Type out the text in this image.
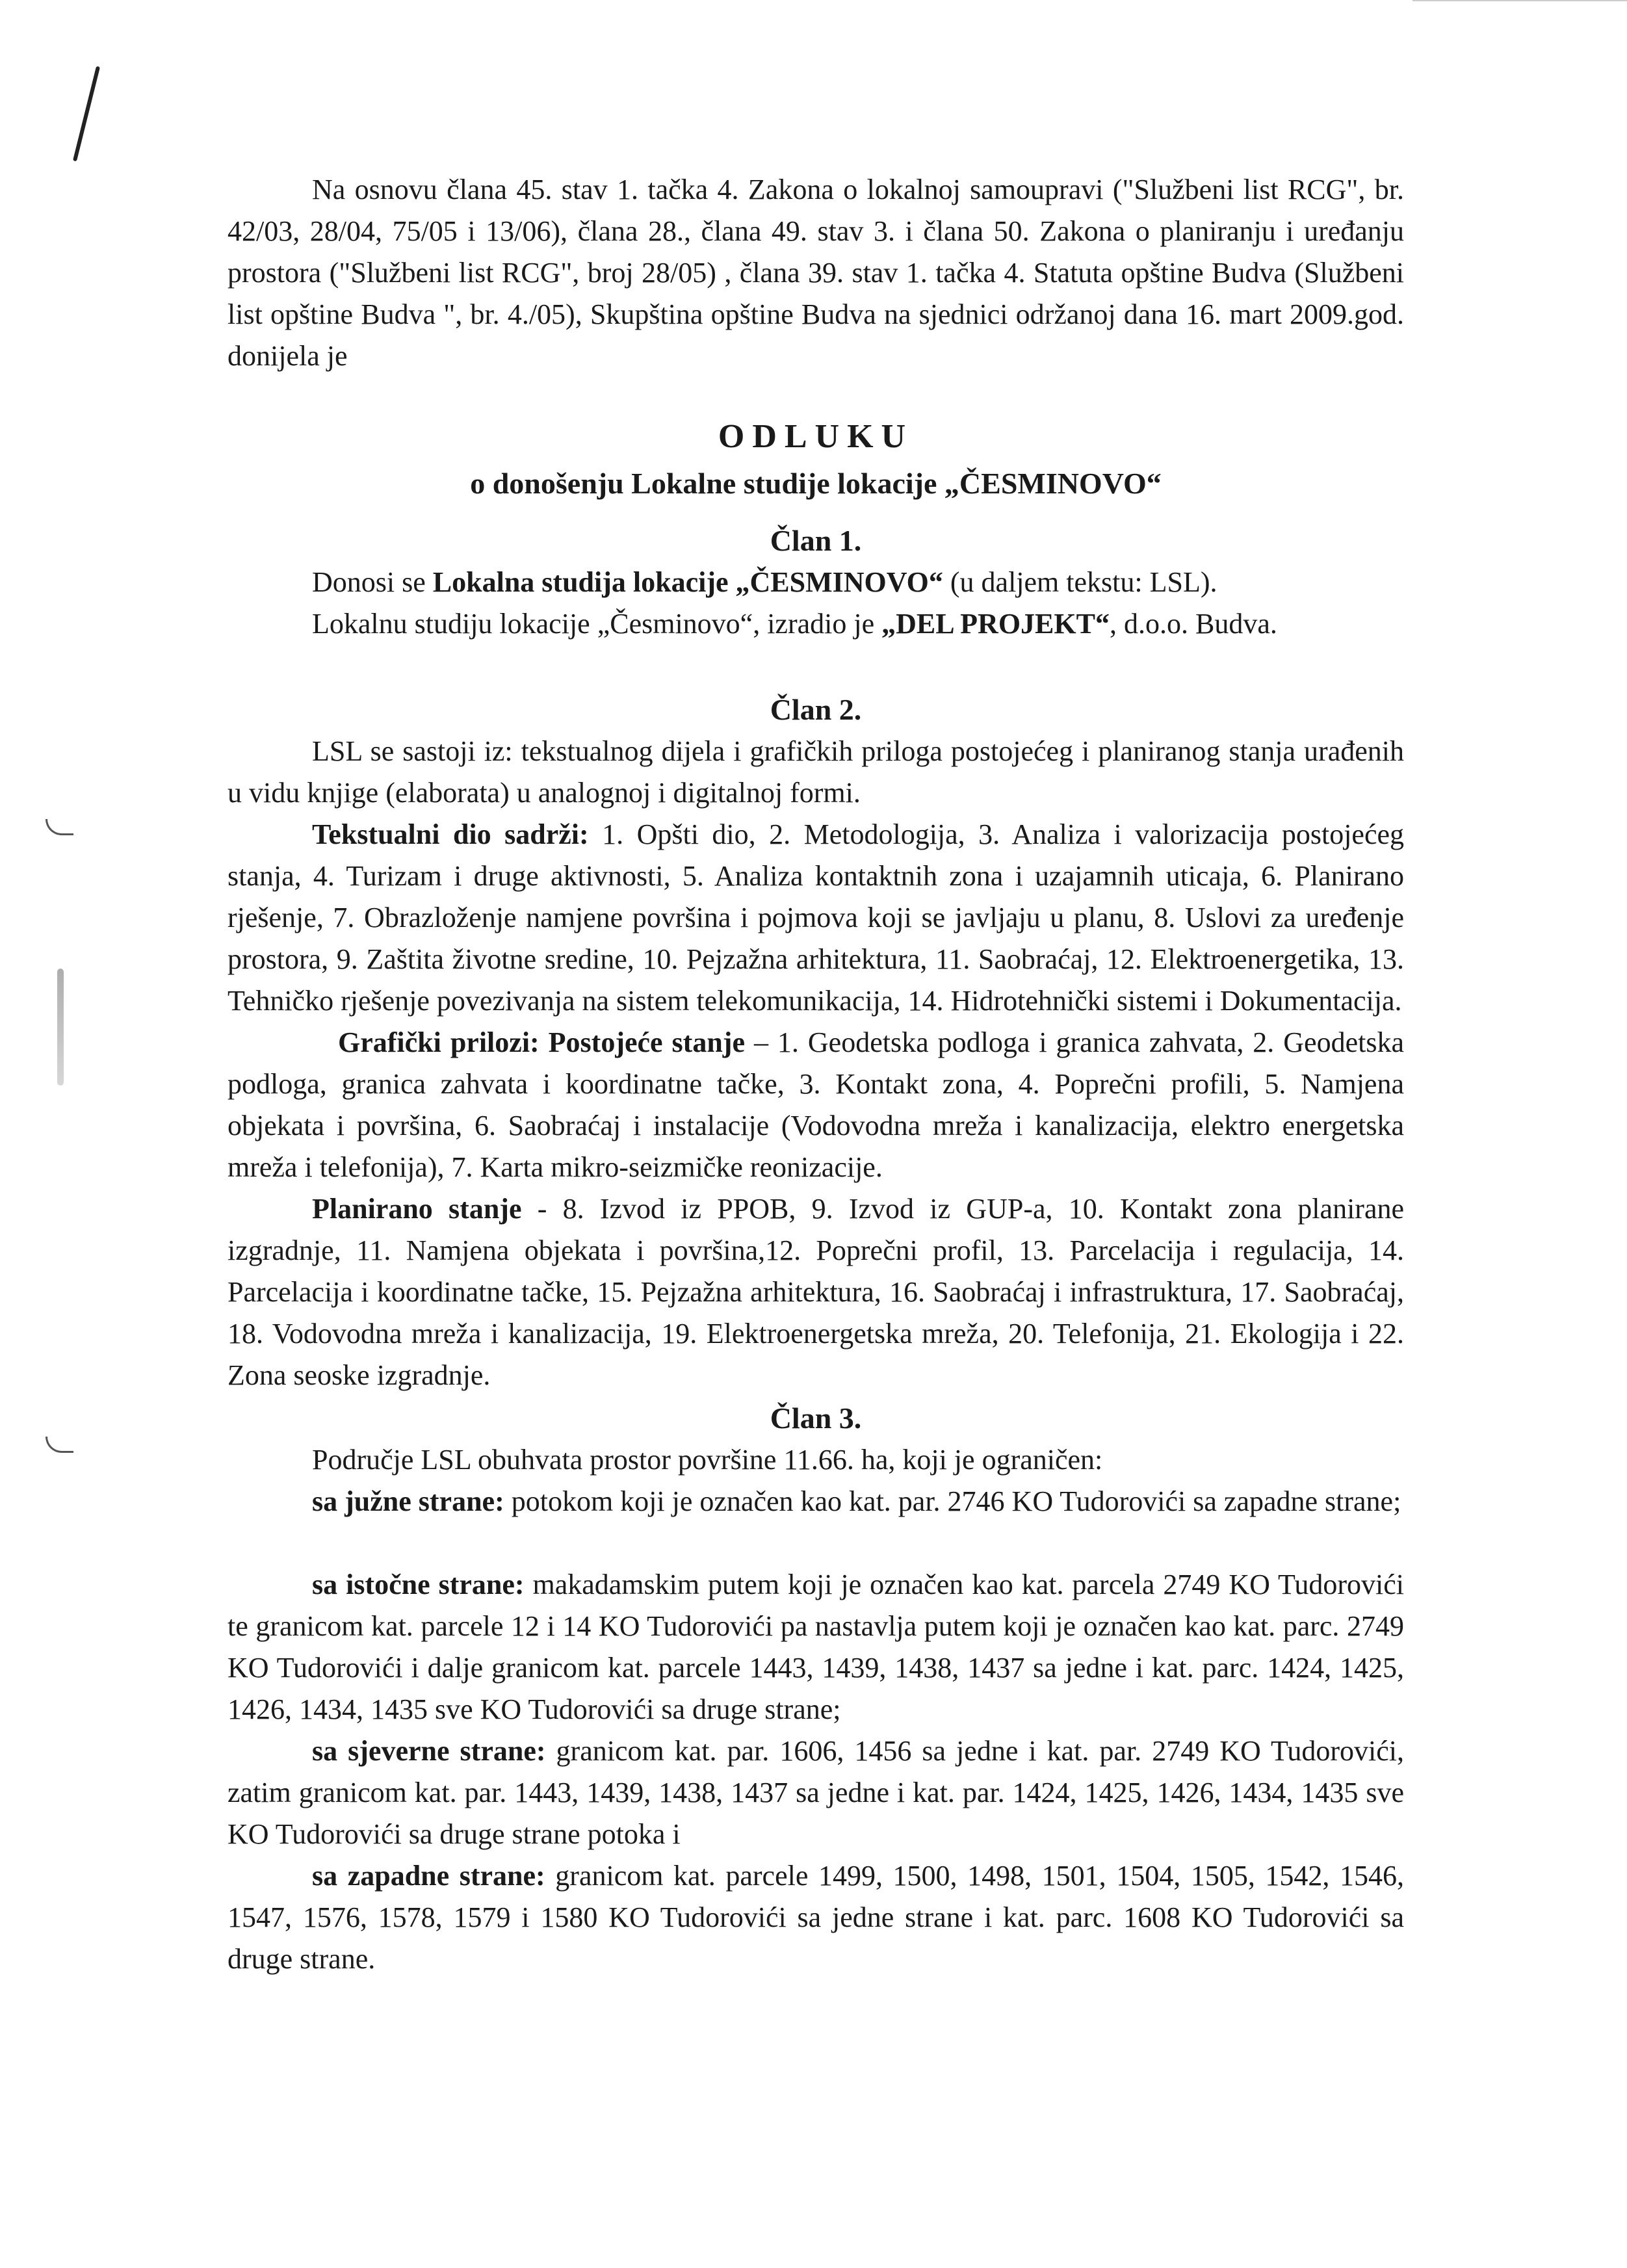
Na osnovu člana 45. stav 1. tačka 4. Zakona o lokalnoj samoupravi ("Službeni list RCG", br. 42/03, 28/04, 75/05 i 13/06), člana 28., člana 49. stav 3. i člana 50. Zakona o planiranju i uređanju prostora ("Službeni list RCG", broj 28/05) , člana 39. stav 1. tačka 4. Statuta opštine Budva (Službeni list opštine Budva ", br. 4./05), Skupština opštine Budva na sjednici održanoj dana 16. mart 2009.god. donijela je
ODLUKU
o donošenju Lokalne studije lokacije „ČESMINOVO“
Član 1.
Donosi se Lokalna studija lokacije „ČESMINOVO“ (u daljem tekstu: LSL).
Lokalnu studiju lokacije „Česminovo“, izradio je „DEL PROJEKT“, d.o.o. Budva.
Član 2.
LSL se sastoji iz: tekstualnog dijela i grafičkih priloga postojećeg i planiranog stanja urađenih u vidu knjige (elaborata) u analognoj i digitalnoj formi.
Tekstualni dio sadrži: 1. Opšti dio, 2. Metodologija, 3. Analiza i valorizacija postojećeg stanja, 4. Turizam i druge aktivnosti, 5. Analiza kontaktnih zona i uzajamnih uticaja, 6. Planirano rješenje, 7. Obrazloženje namjene površina i pojmova koji se javljaju u planu, 8. Uslovi za uređenje prostora, 9. Zaštita životne sredine, 10. Pejzažna arhitektura, 11. Saobraćaj, 12. Elektroenergetika, 13. Tehničko rješenje povezivanja na sistem telekomunikacija, 14. Hidrotehnički sistemi i Dokumentacija.
Grafički prilozi: Postojeće stanje – 1. Geodetska podloga i granica zahvata, 2. Geodetska podloga, granica zahvata i koordinatne tačke, 3. Kontakt zona, 4. Poprečni profili, 5. Namjena objekata i površina, 6. Saobraćaj i instalacije (Vodovodna mreža i kanalizacija, elektro energetska mreža i telefonija), 7. Karta mikro-seizmičke reonizacije.
Planirano stanje - 8. Izvod iz PPOB, 9. Izvod iz GUP-a, 10. Kontakt zona planirane izgradnje, 11. Namjena objekata i površina,12. Poprečni profil, 13. Parcelacija i regulacija, 14. Parcelacija i koordinatne tačke, 15. Pejzažna arhitektura, 16. Saobraćaj i infrastruktura, 17. Saobraćaj, 18. Vodovodna mreža i kanalizacija, 19. Elektroenergetska mreža, 20. Telefonija, 21. Ekologija i 22. Zona seoske izgradnje.
Član 3.
Područje LSL obuhvata prostor površine 11.66. ha, koji je ograničen:
sa južne strane: potokom koji je označen kao kat. par. 2746 KO Tudorovići sa zapadne strane;
sa istočne strane: makadamskim putem koji je označen kao kat. parcela 2749 KO Tudorovići te granicom kat. parcele 12 i 14 KO Tudorovići pa nastavlja putem koji je označen kao kat. parc. 2749 KO Tudorovići i dalje granicom kat. parcele 1443, 1439, 1438, 1437 sa jedne i kat. parc. 1424, 1425, 1426, 1434, 1435 sve KO Tudorovići sa druge strane;
sa sjeverne strane: granicom kat. par. 1606, 1456 sa jedne i kat. par. 2749 KO Tudorovići, zatim granicom kat. par. 1443, 1439, 1438, 1437 sa jedne i kat. par. 1424, 1425, 1426, 1434, 1435 sve KO Tudorovići sa druge strane potoka i
sa zapadne strane: granicom kat. parcele 1499, 1500, 1498, 1501, 1504, 1505, 1542, 1546, 1547, 1576, 1578, 1579 i 1580 KO Tudorovići sa jedne strane i kat. parc. 1608 KO Tudorovići sa druge strane.
